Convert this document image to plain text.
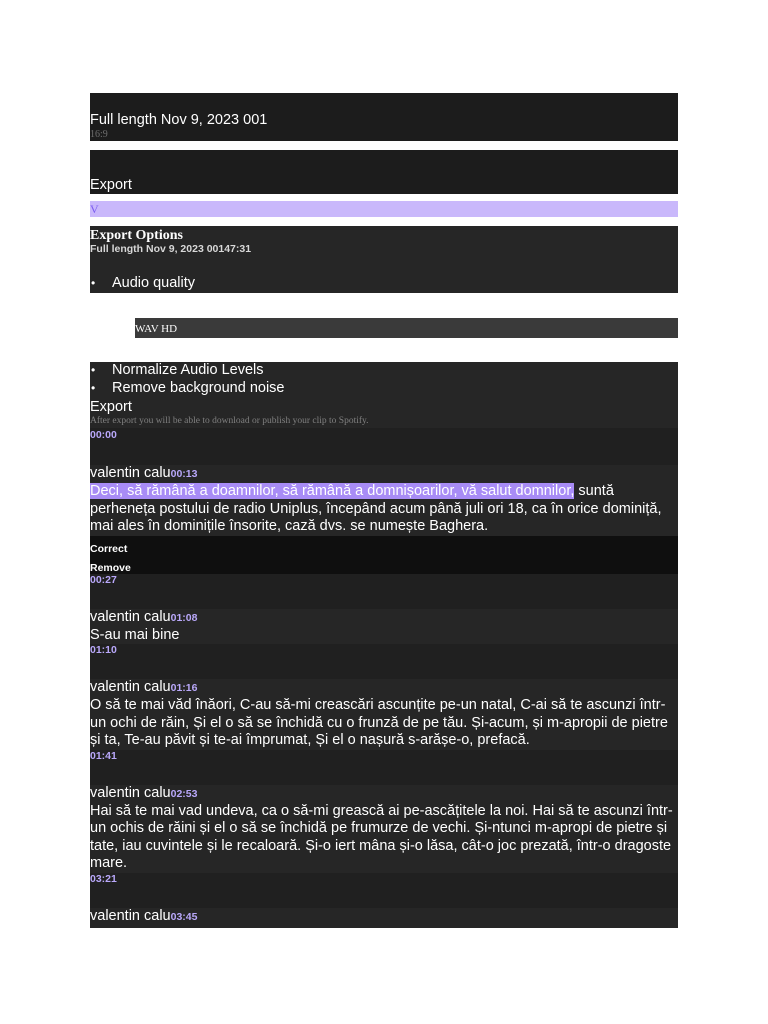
Full length Nov 9, 2023 001
16:9
Export
V
Export Options
Full length Nov 9, 2023 00147:31
• Audio quality
WAV HD
• Normalize Audio Levels
• Remove background noise
Export
After export you will be able to download or publish your clip to Spotify.
00:00
valentin calu00:13
Deci, să rămână a doamnilor, să rămână a domnișoarilor, vă salut domnilor, suntă perheneța postului de radio Uniplus, începând acum până juli ori 18, ca în orice dominiță, mai ales în dominițile însorite, cază dvs. se numește Baghera.
Correct
Remove
00:27
valentin calu01:08
S-au mai bine
01:10
valentin calu01:16
O să te mai văd înăori, C-au să-mi creascări ascunțite pe-un natal, C-ai să te ascunzi într-un ochi de răin, Și el o să se închidă cu o frunză de pe tău. Și-acum, și m-apropii de pietre și ta, Te-au păvit și te-ai împrumat, Și el o nașură s-arășe-o, prefacă.
01:41
valentin calu02:53
Hai să te mai vad undeva, ca o să-mi grească ai pe-ascățitele la noi. Hai să te ascunzi într-un ochis de răini și el o să se închidă pe frumurze de vechi. Și-ntunci m-apropi de pietre și tate, iau cuvintele și le recaloară. Și-o iert mâna și-o lăsa, cât-o joc prezată, într-o dragoste mare.
03:21
valentin calu03:45
